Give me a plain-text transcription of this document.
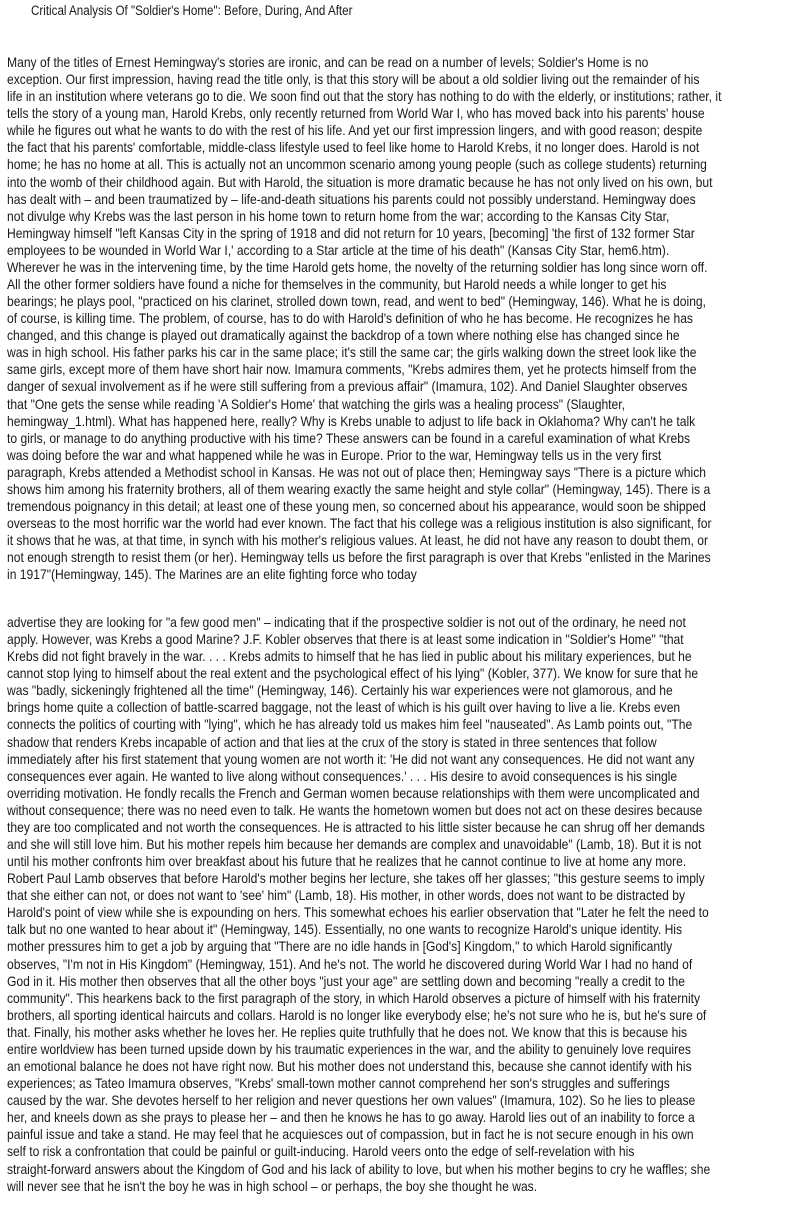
Critical Analysis Of "Soldier's Home": Before, During, And After
Many of the titles of Ernest Hemingway's stories are ironic, and can be read on a number of levels; Soldier's Home is no
exception. Our first impression, having read the title only, is that this story will be about a old soldier living out the remainder of his
life in an institution where veterans go to die. We soon find out that the story has nothing to do with the elderly, or institutions; rather, it
tells the story of a young man, Harold Krebs, only recently returned from World War I, who has moved back into his parents' house
while he figures out what he wants to do with the rest of his life. And yet our first impression lingers, and with good reason; despite
the fact that his parents' comfortable, middle-class lifestyle used to feel like home to Harold Krebs, it no longer does. Harold is not
home; he has no home at all. This is actually not an uncommon scenario among young people (such as college students) returning
into the womb of their childhood again. But with Harold, the situation is more dramatic because he has not only lived on his own, but
has dealt with – and been traumatized by – life-and-death situations his parents could not possibly understand. Hemingway does
not divulge why Krebs was the last person in his home town to return home from the war; according to the Kansas City Star,
Hemingway himself "left Kansas City in the spring of 1918 and did not return for 10 years, [becoming] 'the first of 132 former Star
employees to be wounded in World War I,' according to a Star article at the time of his death" (Kansas City Star, hem6.htm).
Wherever he was in the intervening time, by the time Harold gets home, the novelty of the returning soldier has long since worn off.
All the other former soldiers have found a niche for themselves in the community, but Harold needs a while longer to get his
bearings; he plays pool, "practiced on his clarinet, strolled down town, read, and went to bed" (Hemingway, 146). What he is doing,
of course, is killing time. The problem, of course, has to do with Harold's definition of who he has become. He recognizes he has
changed, and this change is played out dramatically against the backdrop of a town where nothing else has changed since he
was in high school. His father parks his car in the same place; it's still the same car; the girls walking down the street look like the
same girls, except more of them have short hair now. Imamura comments, "Krebs admires them, yet he protects himself from the
danger of sexual involvement as if he were still suffering from a previous affair" (Imamura, 102). And Daniel Slaughter observes
that "One gets the sense while reading 'A Soldier's Home' that watching the girls was a healing process" (Slaughter,
hemingway_1.html). What has happened here, really? Why is Krebs unable to adjust to life back in Oklahoma? Why can't he talk
to girls, or manage to do anything productive with his time? These answers can be found in a careful examination of what Krebs
was doing before the war and what happened while he was in Europe. Prior to the war, Hemingway tells us in the very first
paragraph, Krebs attended a Methodist school in Kansas. He was not out of place then; Hemingway says "There is a picture which
shows him among his fraternity brothers, all of them wearing exactly the same height and style collar" (Hemingway, 145). There is a
tremendous poignancy in this detail; at least one of these young men, so concerned about his appearance, would soon be shipped
overseas to the most horrific war the world had ever known. The fact that his college was a religious institution is also significant, for
it shows that he was, at that time, in synch with his mother's religious values. At least, he did not have any reason to doubt them, or
not enough strength to resist them (or her). Hemingway tells us before the first paragraph is over that Krebs "enlisted in the Marines
in 1917"(Hemingway, 145). The Marines are an elite fighting force who today
advertise they are looking for "a few good men" – indicating that if the prospective soldier is not out of the ordinary, he need not
apply. However, was Krebs a good Marine? J.F. Kobler observes that there is at least some indication in "Soldier's Home" "that
Krebs did not fight bravely in the war. . . . Krebs admits to himself that he has lied in public about his military experiences, but he
cannot stop lying to himself about the real extent and the psychological effect of his lying" (Kobler, 377). We know for sure that he
was "badly, sickeningly frightened all the time" (Hemingway, 146). Certainly his war experiences were not glamorous, and he
brings home quite a collection of battle-scarred baggage, not the least of which is his guilt over having to live a lie. Krebs even
connects the politics of courting with "lying", which he has already told us makes him feel "nauseated". As Lamb points out, "The
shadow that renders Krebs incapable of action and that lies at the crux of the story is stated in three sentences that follow
immediately after his first statement that young women are not worth it: 'He did not want any consequences. He did not want any
consequences ever again. He wanted to live along without consequences.' . . . His desire to avoid consequences is his single
overriding motivation. He fondly recalls the French and German women because relationships with them were uncomplicated and
without consequence; there was no need even to talk. He wants the hometown women but does not act on these desires because
they are too complicated and not worth the consequences. He is attracted to his little sister because he can shrug off her demands
and she will still love him. But his mother repels him because her demands are complex and unavoidable" (Lamb, 18). But it is not
until his mother confronts him over breakfast about his future that he realizes that he cannot continue to live at home any more.
Robert Paul Lamb observes that before Harold's mother begins her lecture, she takes off her glasses; "this gesture seems to imply
that she either can not, or does not want to 'see' him" (Lamb, 18). His mother, in other words, does not want to be distracted by
Harold's point of view while she is expounding on hers. This somewhat echoes his earlier observation that "Later he felt the need to
talk but no one wanted to hear about it" (Hemingway, 145). Essentially, no one wants to recognize Harold's unique identity. His
mother pressures him to get a job by arguing that "There are no idle hands in [God's] Kingdom," to which Harold significantly
observes, "I'm not in His Kingdom" (Hemingway, 151). And he's not. The world he discovered during World War I had no hand of
God in it. His mother then observes that all the other boys "just your age" are settling down and becoming "really a credit to the
community". This hearkens back to the first paragraph of the story, in which Harold observes a picture of himself with his fraternity
brothers, all sporting identical haircuts and collars. Harold is no longer like everybody else; he's not sure who he is, but he's sure of
that. Finally, his mother asks whether he loves her. He replies quite truthfully that he does not. We know that this is because his
entire worldview has been turned upside down by his traumatic experiences in the war, and the ability to genuinely love requires
an emotional balance he does not have right now. But his mother does not understand this, because she cannot identify with his
experiences; as Tateo Imamura observes, "Krebs' small-town mother cannot comprehend her son's struggles and sufferings
caused by the war. She devotes herself to her religion and never questions her own values" (Imamura, 102). So he lies to please
her, and kneels down as she prays to please her – and then he knows he has to go away. Harold lies out of an inability to force a
painful issue and take a stand. He may feel that he acquiesces out of compassion, but in fact he is not secure enough in his own
self to risk a confrontation that could be painful or guilt-inducing. Harold veers onto the edge of self-revelation with his
straight-forward answers about the Kingdom of God and his lack of ability to love, but when his mother begins to cry he waffles; she
will never see that he isn't the boy he was in high school – or perhaps, the boy she thought he was.
